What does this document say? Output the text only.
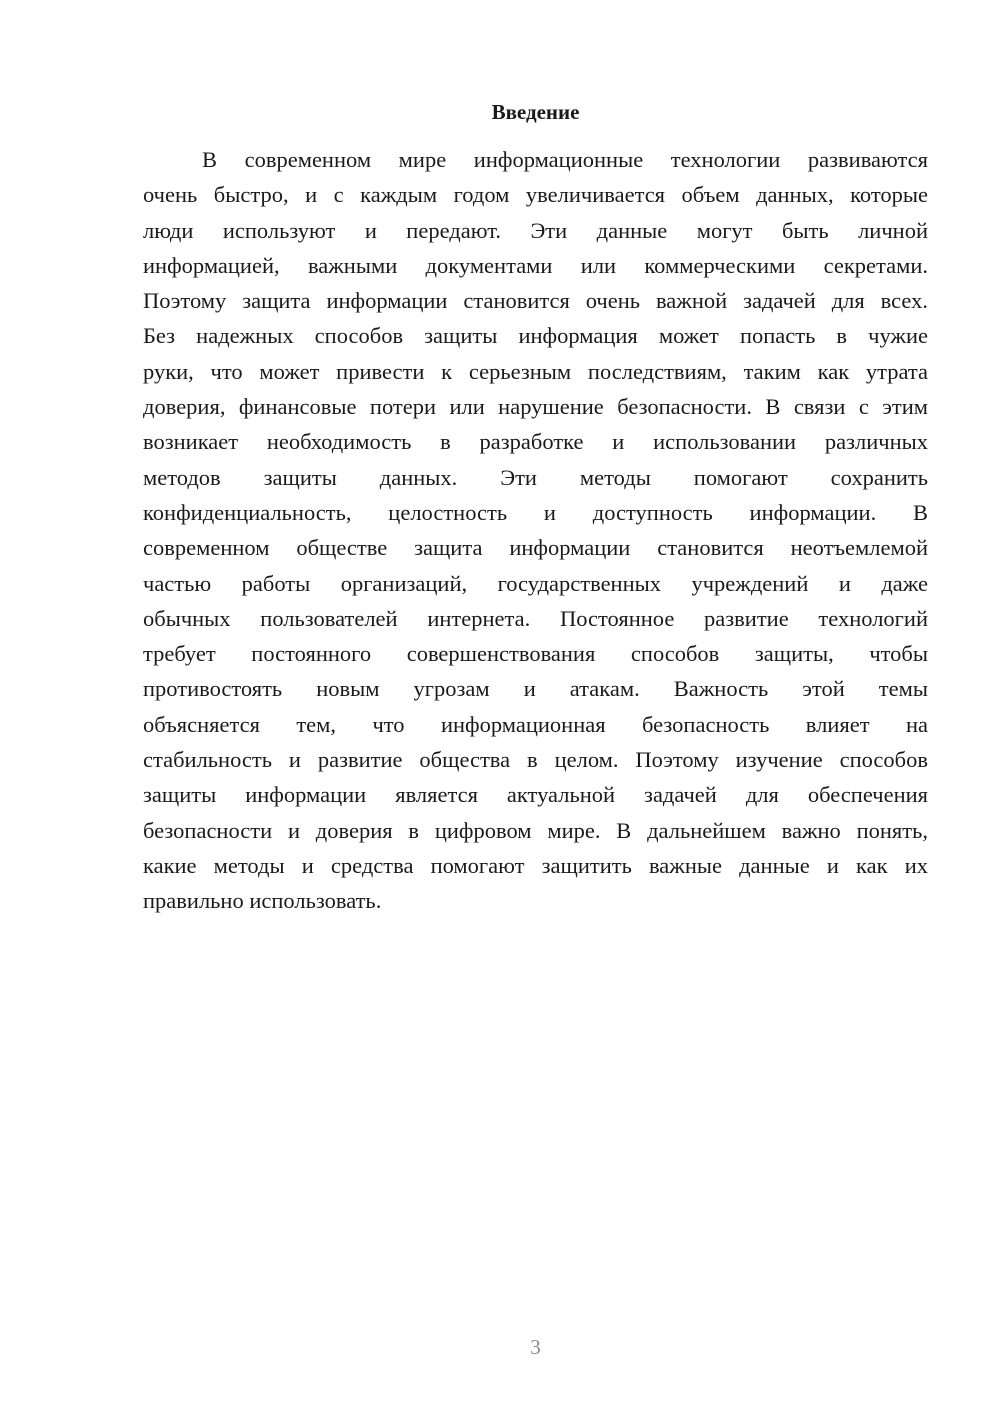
Введение
В современном мире информационные технологии развиваются
очень быстро, и с каждым годом увеличивается объем данных, которые
люди используют и передают. Эти данные могут быть личной
информацией, важными документами или коммерческими секретами.
Поэтому защита информации становится очень важной задачей для всех.
Без надежных способов защиты информация может попасть в чужие
руки, что может привести к серьезным последствиям, таким как утрата
доверия, финансовые потери или нарушение безопасности. В связи с этим
возникает необходимость в разработке и использовании различных
методов защиты данных. Эти методы помогают сохранить
конфиденциальность, целостность и доступность информации. В
современном обществе защита информации становится неотъемлемой
частью работы организаций, государственных учреждений и даже
обычных пользователей интернета. Постоянное развитие технологий
требует постоянного совершенствования способов защиты, чтобы
противостоять новым угрозам и атакам. Важность этой темы
объясняется тем, что информационная безопасность влияет на
стабильность и развитие общества в целом. Поэтому изучение способов
защиты информации является актуальной задачей для обеспечения
безопасности и доверия в цифровом мире. В дальнейшем важно понять,
какие методы и средства помогают защитить важные данные и как их
правильно использовать.
3
